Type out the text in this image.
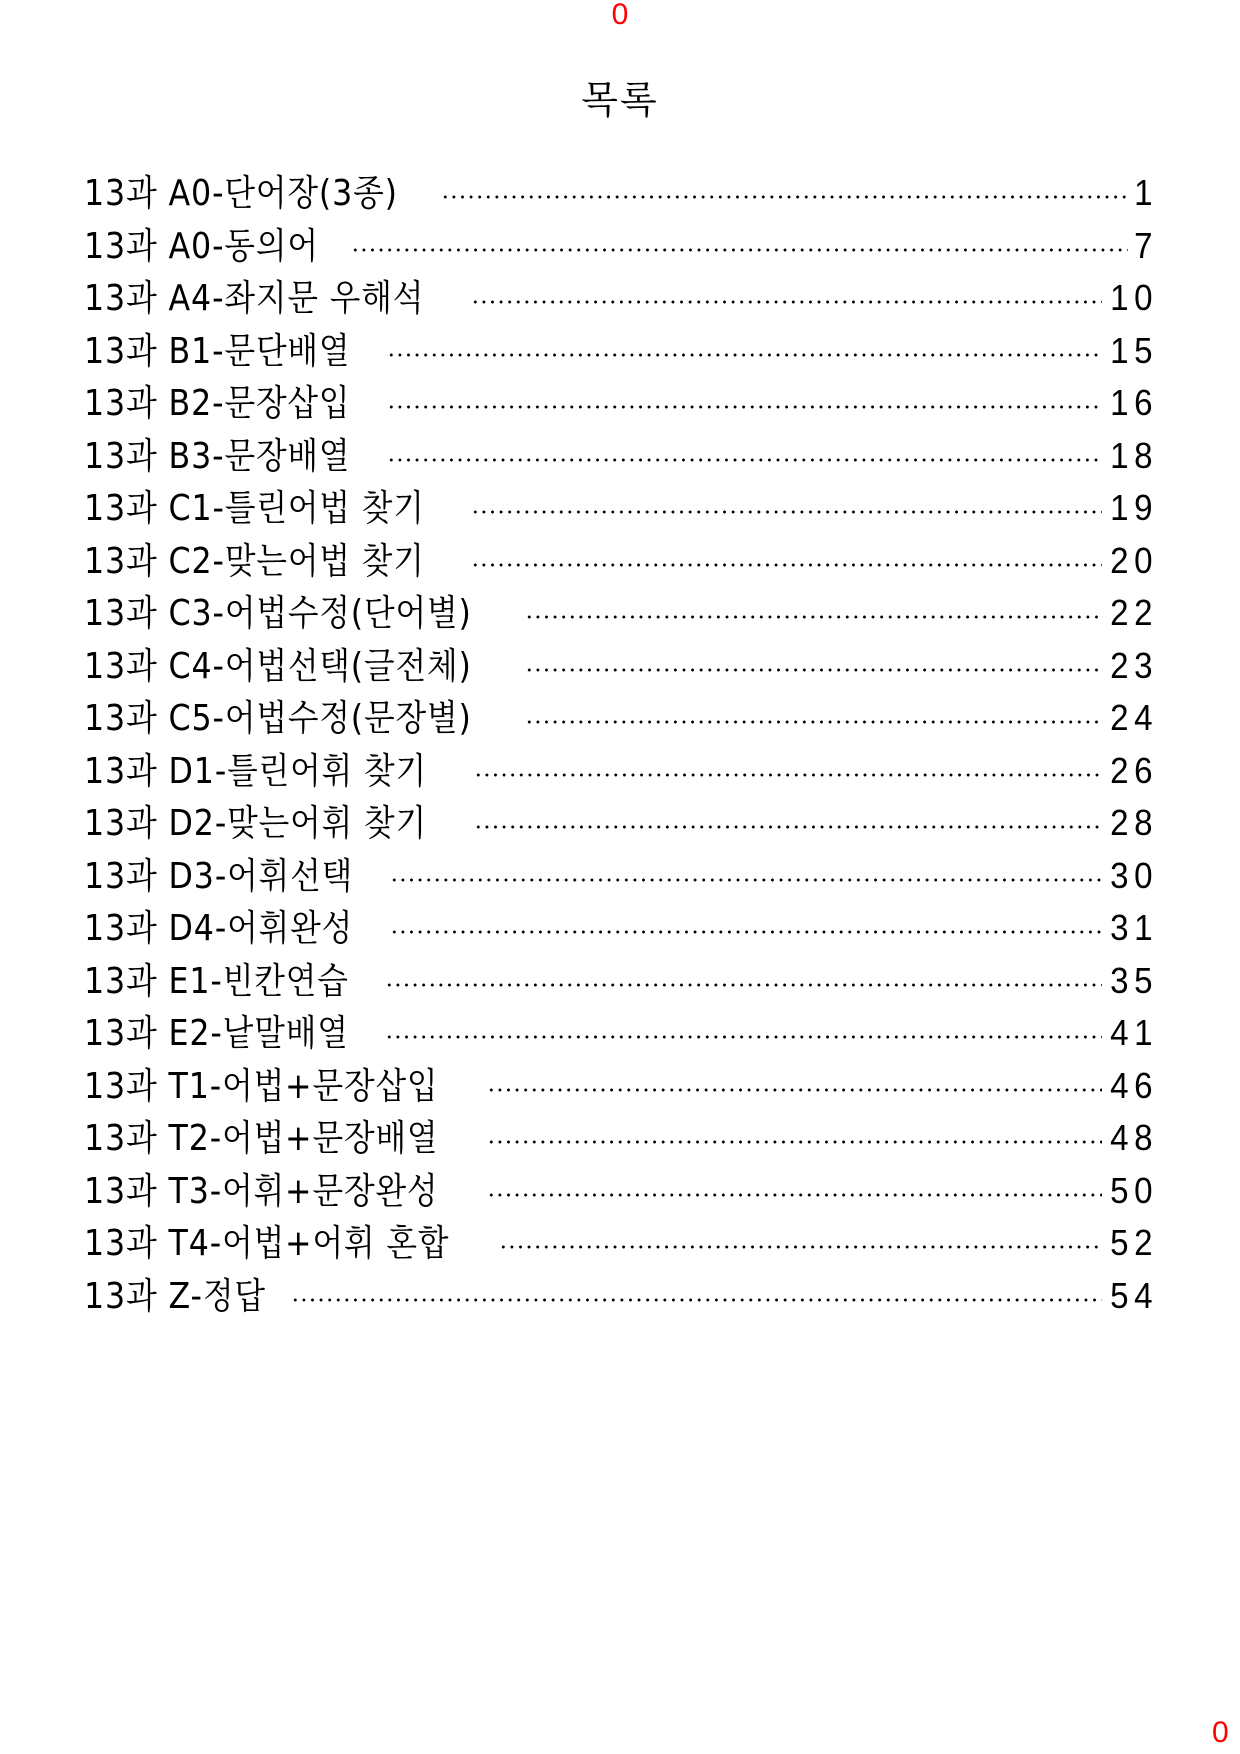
0
목록
13과 A0-단어장(3종)	1
13과 A0-동의어	7
13과 A4-좌지문 우해석	10
13과 B1-문단배열	15
13과 B2-문장삽입	16
13과 B3-문장배열	18
13과 C1-틀린어법 찾기	19
13과 C2-맞는어법 찾기	20
13과 C3-어법수정(단어별)	22
13과 C4-어법선택(글전체)	23
13과 C5-어법수정(문장별)	24
13과 D1-틀린어휘 찾기	26
13과 D2-맞는어휘 찾기	28
13과 D3-어휘선택	30
13과 D4-어휘완성	31
13과 E1-빈칸연습	35
13과 E2-낱말배열	41
13과 T1-어법+문장삽입	46
13과 T2-어법+문장배열	48
13과 T3-어휘+문장완성	50
13과 T4-어법+어휘 혼합	52
13과 Z-정답	54
0
